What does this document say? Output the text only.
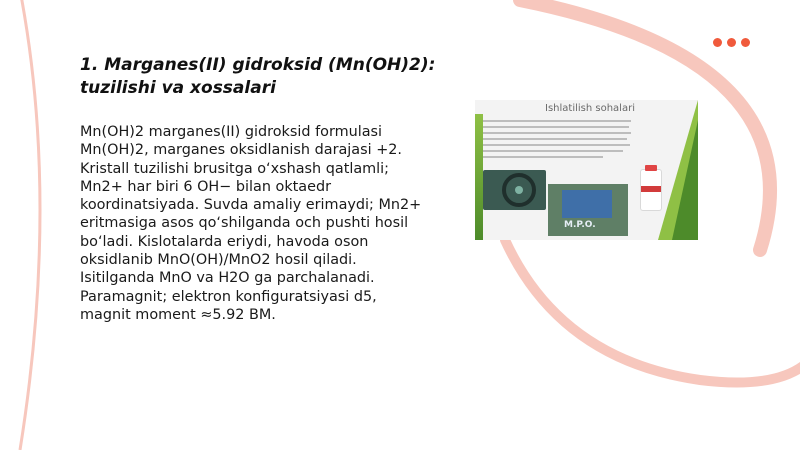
1. Marganes(II) gidroksid (Mn(OH)2): tuzilishi va xossalari

Mn(OH)2 marganes(II) gidroksid formulasi Mn(OH)2, marganes oksidlanish darajasi +2. Kristall tuzilishi brusitga o‘xshash qatlamli; Mn2+ har biri 6 OH− bilan oktaedr koordinatsiyada. Suvda amaliy erimaydi; Mn2+ eritmasiga asos qo‘shilganda och pushti hosil bo‘ladi. Kislotalarda eriydi, havoda oson oksidlanib MnO(OH)/MnO2 hosil qiladi. Isitilganda MnO va H2O ga parchalanadi. Paramagnit; elektron konfiguratsiyasi d5, magnit moment ≈5.92 BM.

Ishlatilish sohalari
M.P.O.
